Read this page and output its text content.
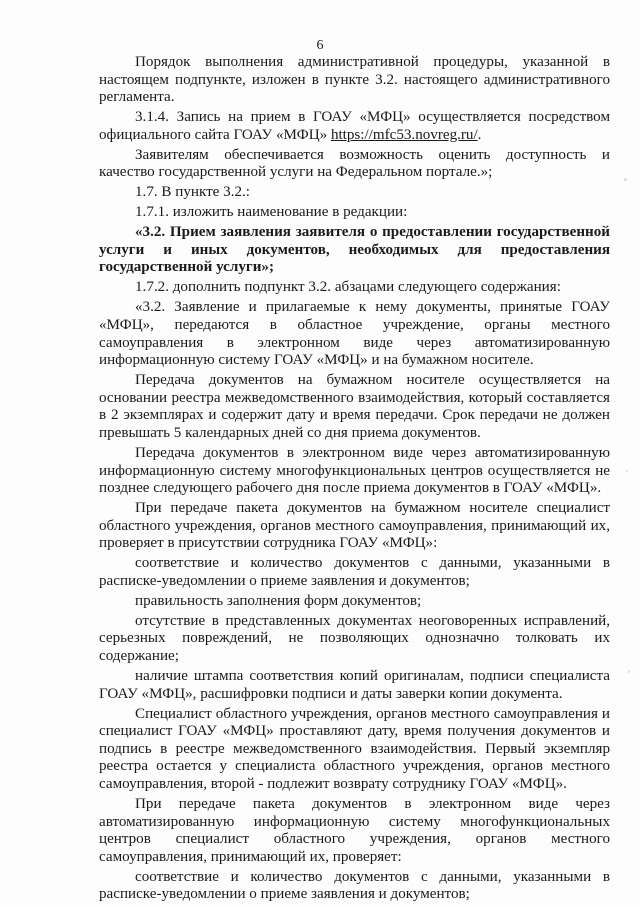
6

Порядок выполнения административной процедуры, указанной в настоящем подпункте, изложен в пункте 3.2. настоящего административного регламента.

3.1.4. Запись на прием в ГОАУ «МФЦ» осуществляется посредством официального сайта ГОАУ «МФЦ» https://mfc53.novreg.ru/.

Заявителям обеспечивается возможность оценить доступность и качество государственной услуги на Федеральном портале.»;

1.7. В пункте 3.2.:

1.7.1. изложить наименование в редакции:

«3.2. Прием заявления заявителя о предоставлении государственной услуги и иных документов, необходимых для предоставления государственной услуги»;

1.7.2. дополнить подпункт 3.2. абзацами следующего содержания:

«3.2. Заявление и прилагаемые к нему документы, принятые ГОАУ «МФЦ», передаются в областное учреждение, органы местного самоуправления в электронном виде через автоматизированную информационную систему ГОАУ «МФЦ» и на бумажном носителе.

Передача документов на бумажном носителе осуществляется на основании реестра межведомственного взаимодействия, который составляется в 2 экземплярах и содержит дату и время передачи. Срок передачи не должен превышать 5 календарных дней со дня приема документов.

Передача документов в электронном виде через автоматизированную информационную систему многофункциональных центров осуществляется не позднее следующего рабочего дня после приема документов в ГОАУ «МФЦ».

При передаче пакета документов на бумажном носителе специалист областного учреждения, органов местного самоуправления, принимающий их, проверяет в присутствии сотрудника ГОАУ «МФЦ»:

соответствие и количество документов с данными, указанными в расписке-уведомлении о приеме заявления и документов;

правильность заполнения форм документов;

отсутствие в представленных документах неоговоренных исправлений, серьезных повреждений, не позволяющих однозначно толковать их содержание;

наличие штампа соответствия копий оригиналам, подписи специалиста ГОАУ «МФЦ», расшифровки подписи и даты заверки копии документа.

Специалист областного учреждения, органов местного самоуправления и специалист ГОАУ «МФЦ» проставляют дату, время получения документов и подпись в реестре межведомственного взаимодействия. Первый экземпляр реестра остается у специалиста областного учреждения, органов местного самоуправления, второй - подлежит возврату сотруднику ГОАУ «МФЦ».

При передаче пакета документов в электронном виде через автоматизированную информационную систему многофункциональных центров специалист областного учреждения, органов местного самоуправления, принимающий их, проверяет:

соответствие и количество документов с данными, указанными в расписке-уведомлении о приеме заявления и документов;
